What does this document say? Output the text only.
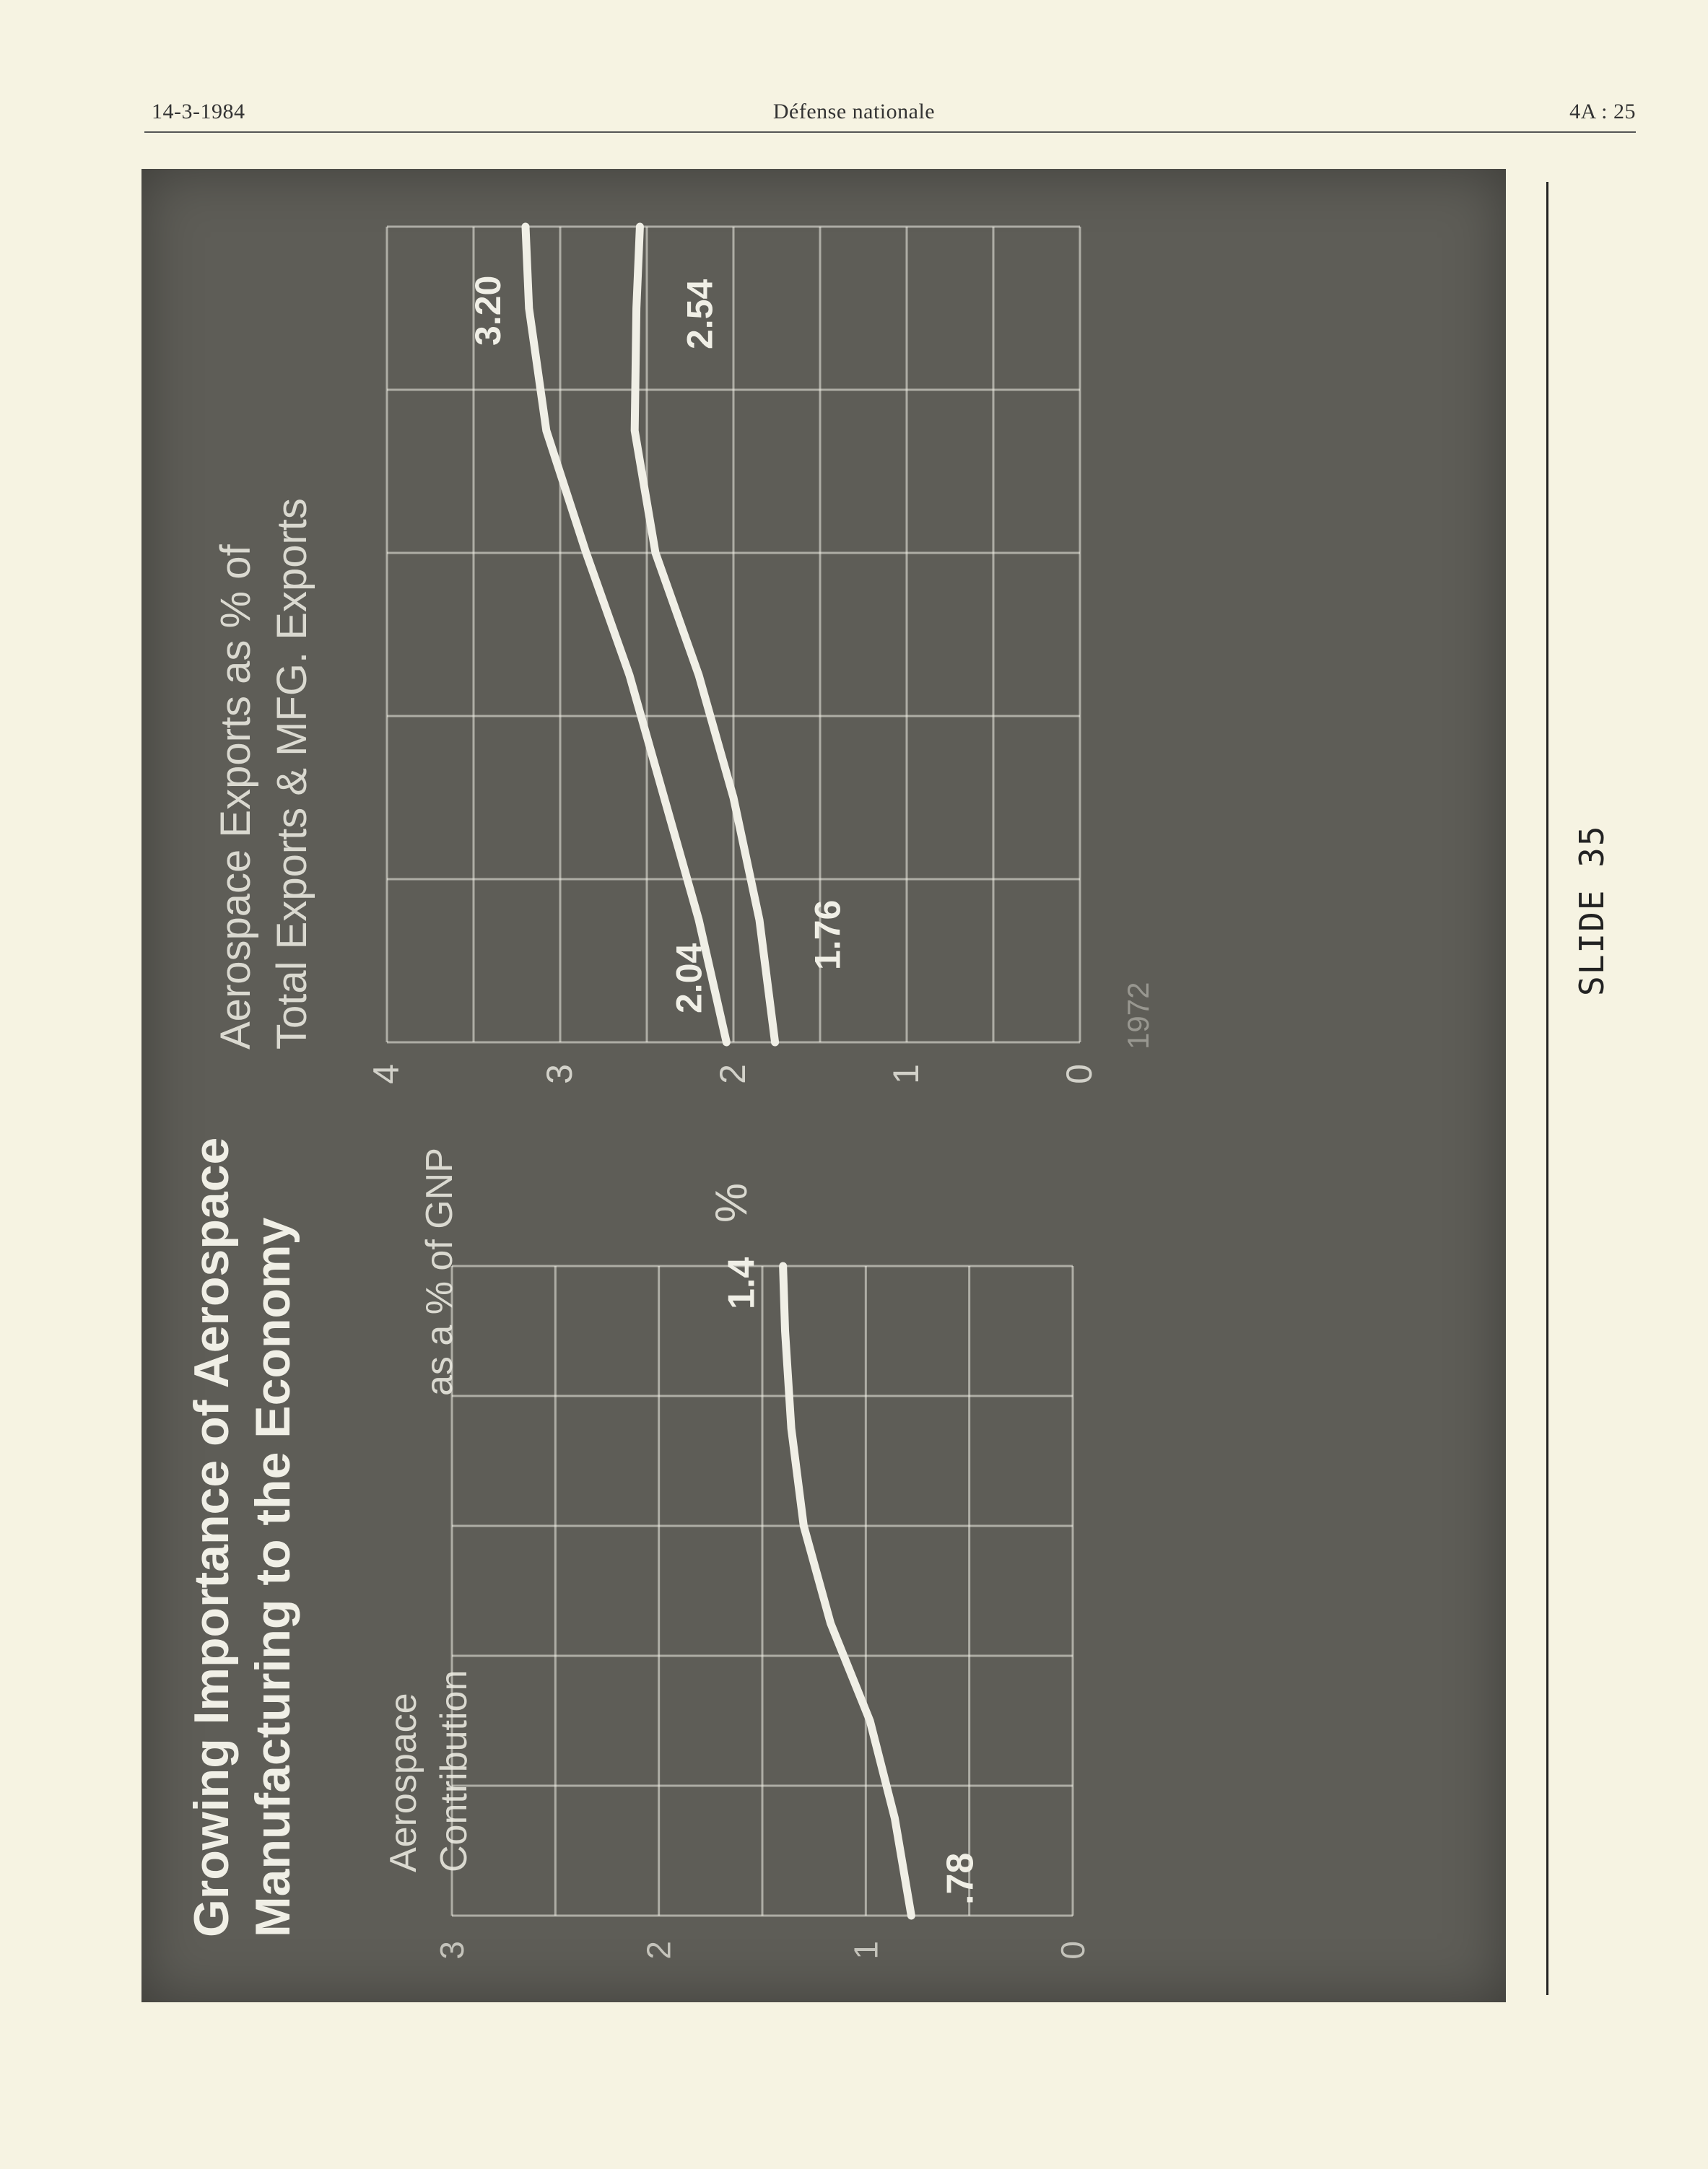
14-3-1984	Défense nationale	4A : 25
Growing Importance of Aerospace Manufacturing to the Economy Aerospace Contribution
as a % of GNP
3	2	1	0
.78
1.4
Aerospace Exports as % of Total Exports & MFG. Exports
4	3	2	1	0
%
1972
2.04
3.20
1.76
2.54
SLIDE 35
